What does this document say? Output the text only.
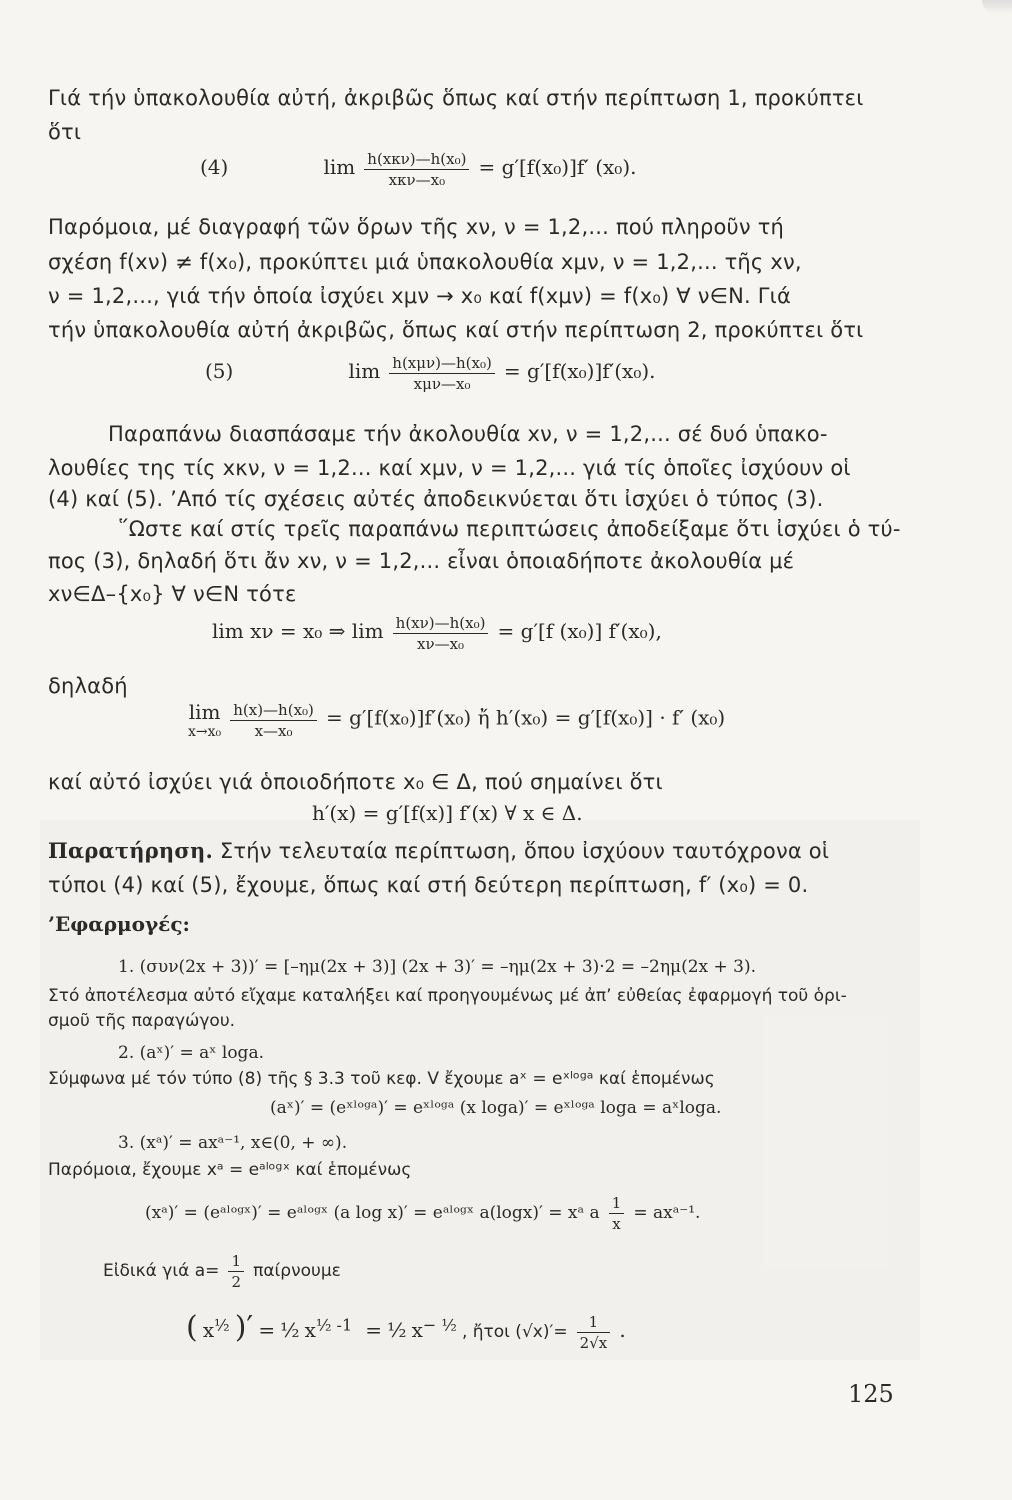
Γιά τήν ὑπακολουθία αὐτή, ἀκριβῶς ὅπως καί στήν περίπτωση 1, προκύπτει
ὅτι
(4)	$\lim \frac{\text{h(xκν)—h(x₀)}}{\text{xκν—x₀}} = g'[f(x_0)]f'$ (x₀).
Παρόμοια, μέ διαγραφή τῶν ὅρων τῆς xν, ν = 1,2,... πού πληροῦν τή
σχέση f(xν) ≠ f(x₀), προκύπτει μιά ὑπακολουθία xμν, ν = 1,2,... τῆς xν,
ν = 1,2,..., γιά τήν ὁποία ἰσχύει xμν → x₀ καί f(xμν) = f(x₀) ∀ ν∈N. Γιά
τήν ὑπακολουθία αὐτή ἀκριβῶς, ὅπως καί στήν περίπτωση 2, προκύπτει ὅτι
(5)	$\lim \frac{\text{h(xμν)—h(x₀)}}{\text{xμν—x₀}} = g'[f(x_0)]f'(x_0)$.
Παραπάνω διασπάσαμε τήν ἀκολουθία xν, ν = 1,2,... σέ δυό ὑπακο-
λουθίες της τίς xκν, ν = 1,2... καί xμν, ν = 1,2,... γιά τίς ὁποῖες ἰσχύουν οἱ
(4) καί (5). ’Από τίς σχέσεις αὐτές ἀποδεικνύεται ὅτι ἰσχύει ὁ τύπος (3).
῞Ωστε καί στίς τρεῖς παραπάνω περιπτώσεις ἀποδείξαμε ὅτι ἰσχύει ὁ τύ-
πος (3), δηλαδή ὅτι ἄν xν, ν = 1,2,... εἶναι ὁποιαδήποτε ἀκολουθία μέ
xν∈Δ–{x₀} ∀ ν∈N τότε
lim xν = x₀ ⇒ $\lim \frac{\text{h(xν)—h(x₀)}}{\text{xν—x₀}} = g'[f$ (x₀)] f′(x₀),
δηλαδή
lim
x→x₀
$\frac{\text{h(x)—h(x₀)}}{\text{x—x₀}} = g'[f(x_0)]f'(x_0)$ ἤ h′(x₀) = g′[f(x₀)] · f′ (x₀)
καί αὐτό ἰσχύει γιά ὁποιοδήποτε x₀ ∈ Δ, πού σημαίνει ὅτι
h′(x) = g′[f(x)] f′(x) ∀ x ∈ Δ.
Παρατήρηση. Στήν τελευταία περίπτωση, ὅπου ἰσχύουν ταυτόχρονα οἱ
τύποι (4) καί (5), ἔχουμε, ὅπως καί στή δεύτερη περίπτωση, f′ (x₀) = 0.
’Εφαρμογές:
1. (συν(2x + 3))′ = [–ημ(2x + 3)] (2x + 3)′ = –ημ(2x + 3)·2 = –2ημ(2x + 3).
Στό ἀποτέλεσμα αὐτό εἴχαμε καταλήξει καί προηγουμένως μέ ἀπ’ εὐθείας ἐφαρμογή τοῦ ὁρι-
σμοῦ τῆς παραγώγου.
2. (aˣ)′ = aˣ loga.
Σύμφωνα μέ τόν τύπο (8) τῆς § 3.3 τοῦ κεφ. V ἔχουμε aˣ = eˣˡᵒᵍᵃ καί ἑπομένως
(aˣ)′ = (eˣˡᵒᵍᵃ)′ = eˣˡᵒᵍᵃ (x loga)′ = eˣˡᵒᵍᵃ loga = aˣloga.
3. (xᵃ)′ = axᵃ⁻¹, x∈(0, + ∞).
Παρόμοια, ἔχουμε xᵃ = eᵃˡᵒᵍˣ καί ἑπομένως
(xᵃ)′ = (eᵃˡᵒᵍˣ)′ = eᵃˡᵒᵍˣ (a log x)′ = eᵃˡᵒᵍˣ a(logx)′ = xᵃ a $\frac{1}{x}$ = axᵃ⁻¹.
Εἰδικά γιά $a= \frac{1}{2}$ παίρνουμε
( $x^{\frac{1}{2}}$ )′ = ½ $x^{\frac{1}{2} -1}$ = ½ $x^{- \frac{1}{2}}$ , ἤτοι $(√x)'= \frac{1}{2√x}$ .
125
